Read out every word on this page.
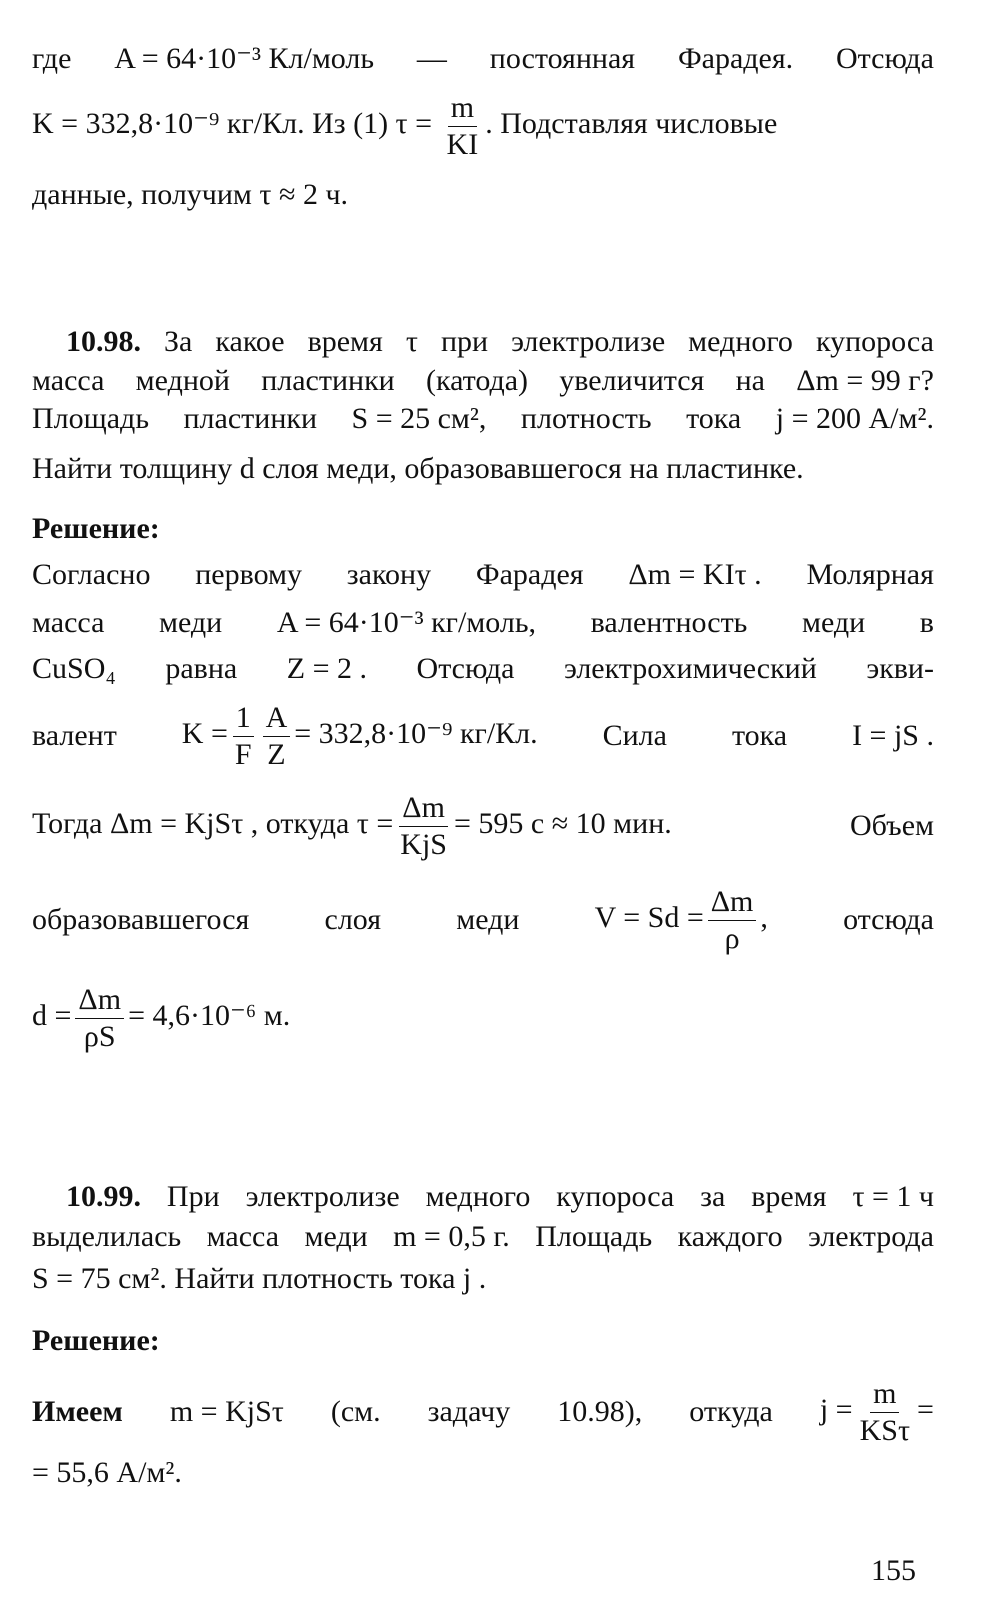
где A = 64·10⁻³ Кл/моль — постоянная Фарадея. Отсюда
K = 332,8·10⁻⁹ кг/Кл. Из (1) $\tau = \frac{m}{KI}$ . Подставляя числовые
данные, получим τ ≈ 2 ч.
10.98. За какое время τ при электролизе медного купороса
масса медной пластинки (катода) увеличится на Δm = 99 г?
Площадь пластинки S = 25 см², плотность тока j = 200 А/м².
Найти толщину d слоя меди, образовавшегося на пластинке.
Решение:
Согласно первому закону Фарадея Δm = KIτ . Молярная
масса меди A = 64·10⁻³ кг/моль, валентность меди в
CuSO₄ равна Z = 2 . Отсюда электрохимический экви-
валент $K = \frac{1}{F} \frac{A}{Z} = 332,8\cdot 10^{-9}$ кг/Кл. Сила тока I = jS .
Тогда Δm = KjSτ , откуда $\tau = \frac{\Delta m}{\text{KjS}} = 595$ с ≈ 10 мин.	Объем
образовавшегося	слоя	меди	$V = Sd = \frac{\Delta m}{\rho}$ ,	отсюда
$d = \frac{\Delta m}{\rho S} = 4,6\cdot 10^{-6}$ м.
10.99. При электролизе медного купороса за время τ = 1 ч
выделилась масса меди m = 0,5 г. Площадь каждого электрода
S = 75 см². Найти плотность тока j .
Решение:
Имеем m = KjSτ (см. задачу 10.98), откуда $j = \frac{m}{\text{KSτ}}$ =
= 55,6 А/м².
155
